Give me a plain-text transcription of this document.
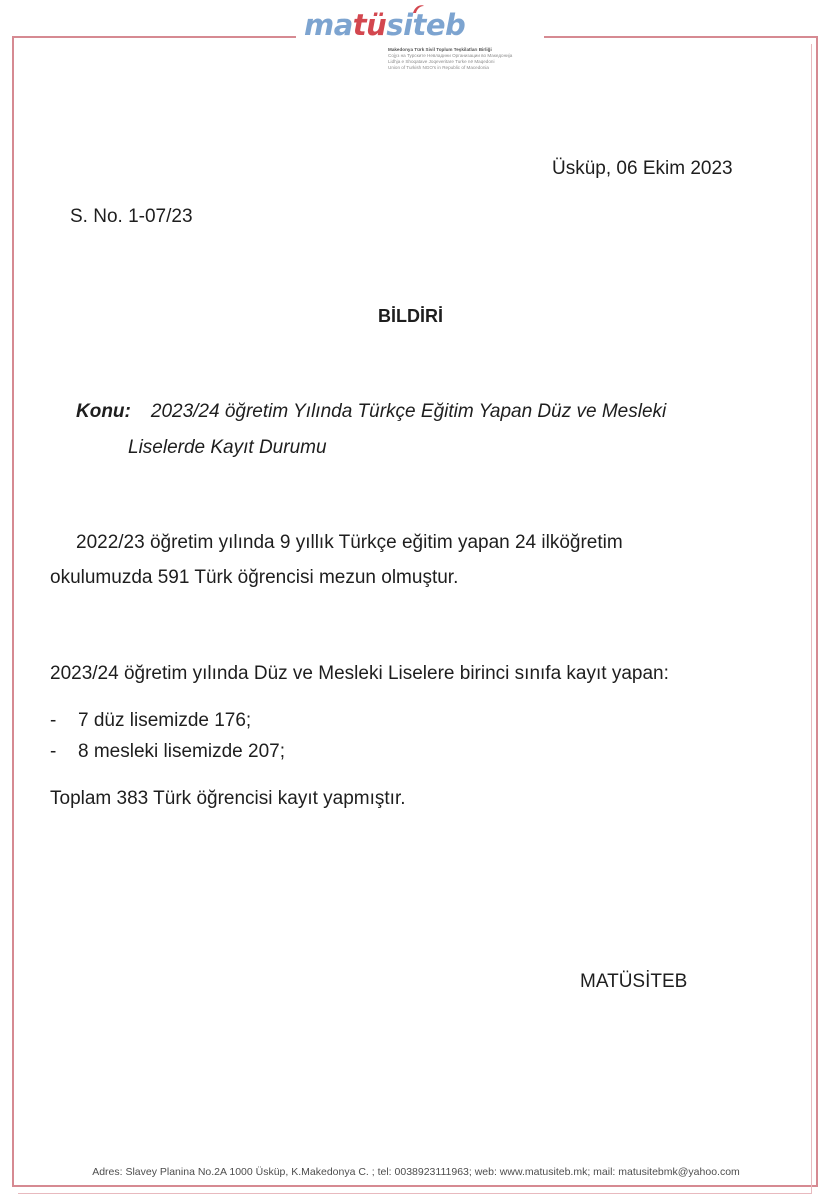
matüsiteb
Makedonya Türk Sivil Toplum Teşkilatları Birliği
Сојуз на Турските Невладини Организации во Македонија
Lidhja e Shoqatave Joqeveritare Turke në Maqedoni
Union of Turkish NGO's in Republic of Macedonia
Üsküp, 06 Ekim 2023
S. No. 1-07/23
BİLDİRİ
Konu: 2023/24 öğretim Yılında Türkçe Eğitim Yapan Düz ve Mesleki
Liselerde Kayıt Durumu
2022/23 öğretim yılında 9 yıllık Türkçe eğitim yapan 24 ilköğretim
okulumuzda 591 Türk öğrencisi mezun olmuştur.
2023/24 öğretim yılında Düz ve Mesleki Liselere birinci sınıfa kayıt yapan:
- 7 düz lisemizde 176;
- 8 mesleki lisemizde 207;
Toplam 383 Türk öğrencisi kayıt yapmıştır.
MATÜSİTEB
Adres: Slavey Planina No.2A 1000 Üsküp, K.Makedonya C. ; tel: 0038923111963; web: www.matusiteb.mk; mail: matusitebmk@yahoo.com
